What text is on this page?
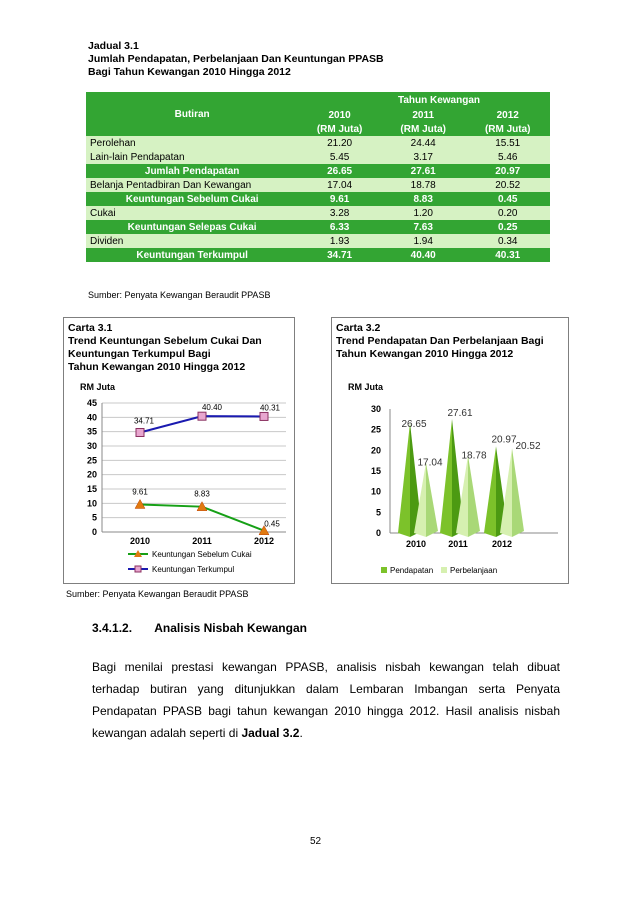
Jadual 3.1
Jumlah Pendapatan, Perbelanjaan Dan Keuntungan PPASB
Bagi Tahun Kewangan 2010 Hingga 2012
Butiran	Tahun Kewangan		
	2010	2011	2012
	(RM Juta)	(RM Juta)	(RM Juta)
Perolehan	21.20	24.44	15.51
Lain-lain Pendapatan	5.45	3.17	5.46
Jumlah Pendapatan	26.65	27.61	20.97
Belanja Pentadbiran Dan Kewangan	17.04	18.78	20.52
Keuntungan Sebelum Cukai	9.61	8.83	0.45
Cukai	3.28	1.20	0.20
Keuntungan Selepas Cukai	6.33	7.63	0.25
Dividen	1.93	1.94	0.34
Keuntungan Terkumpul	34.71	40.40	40.31
Sumber: Penyata Kewangan Beraudit PPASB
Carta 3.1
Trend Keuntungan Sebelum Cukai Dan
Keuntungan Terkumpul Bagi
Tahun Kewangan 2010 Hingga 2012
RM Juta
0
5
10
15
20
25
30
35
40
45
2010	2011	2012
9.61	8.83
0.45
34.71
40.40	40.31
Keuntungan Sebelum Cukai
Keuntungan Terkumpul
Carta 3.2
Trend Pendapatan Dan Perbelanjaan Bagi
Tahun Kewangan 2010 Hingga 2012
RM Juta
0
5
10
15
20
25
30
2010 2011	2012
26.65
27.61
20.97
17.04
18.78
20.52
Pendapatan Perbelanjaan
Sumber: Penyata Kewangan Beraudit PPASB
3.4.1.2. Analisis Nisbah Kewangan
Bagi menilai prestasi kewangan PPASB, analisis nisbah kewangan telah dibuat terhadap butiran yang ditunjukkan dalam Lembaran Imbangan serta Penyata Pendapatan PPASB bagi tahun kewangan 2010 hingga 2012. Hasil analisis nisbah kewangan adalah seperti di Jadual 3.2.
52
